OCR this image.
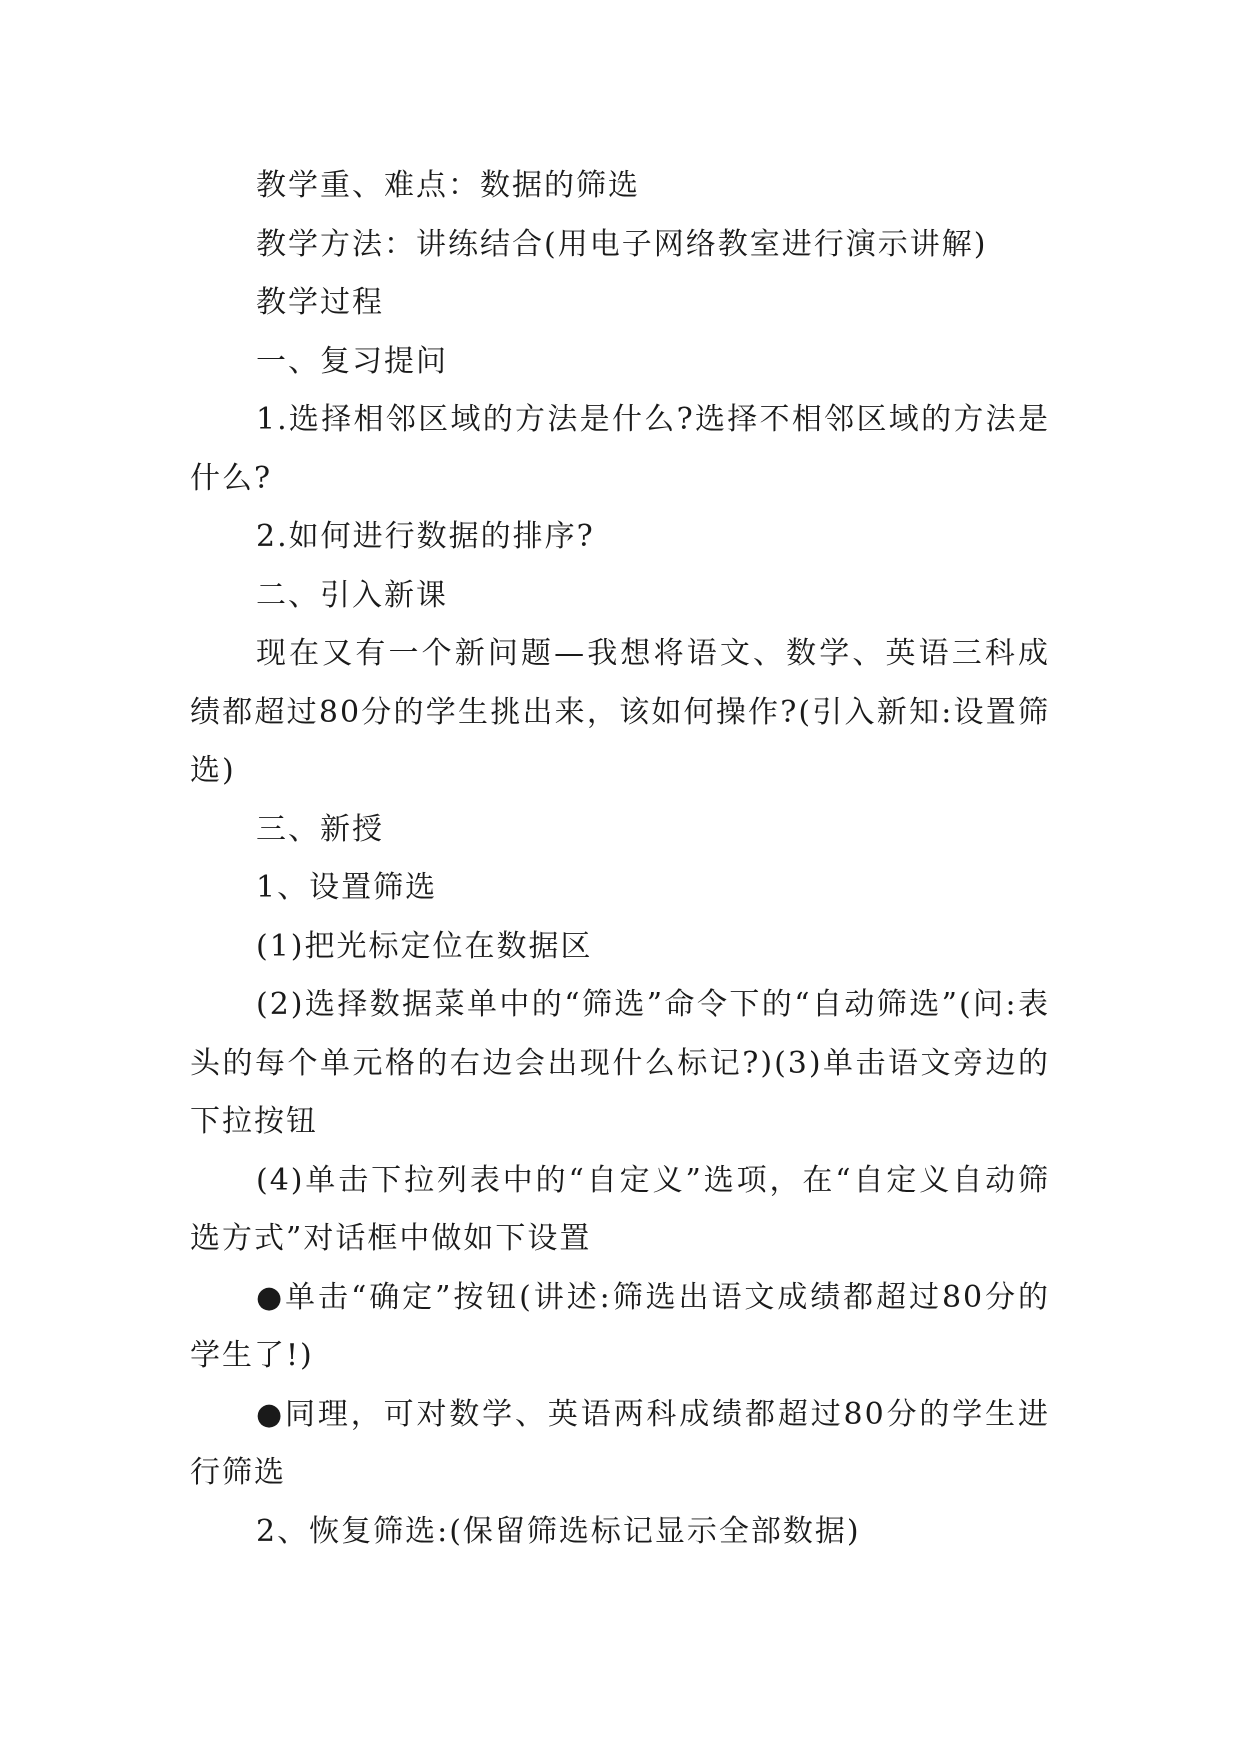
教学重、难点：数据的筛选

教学方法：讲练结合(用电子网络教室进行演示讲解)

教学过程

一、复习提问

1.选择相邻区域的方法是什么?选择不相邻区域的方法是什么?

2.如何进行数据的排序?

二、引入新课

现在又有一个新问题—我想将语文、数学、英语三科成绩都超过80分的学生挑出来，该如何操作?(引入新知:设置筛选)

三、新授

1、设置筛选

(1)把光标定位在数据区

(2)选择数据菜单中的“筛选”命令下的“自动筛选”(问:表头的每个单元格的右边会出现什么标记?)(3)单击语文旁边的下拉按钮

(4)单击下拉列表中的“自定义”选项，在“自定义自动筛选方式”对话框中做如下设置

●单击“确定”按钮(讲述:筛选出语文成绩都超过80分的学生了!)

●同理，可对数学、英语两科成绩都超过80分的学生进行筛选

2、恢复筛选:(保留筛选标记显示全部数据)
